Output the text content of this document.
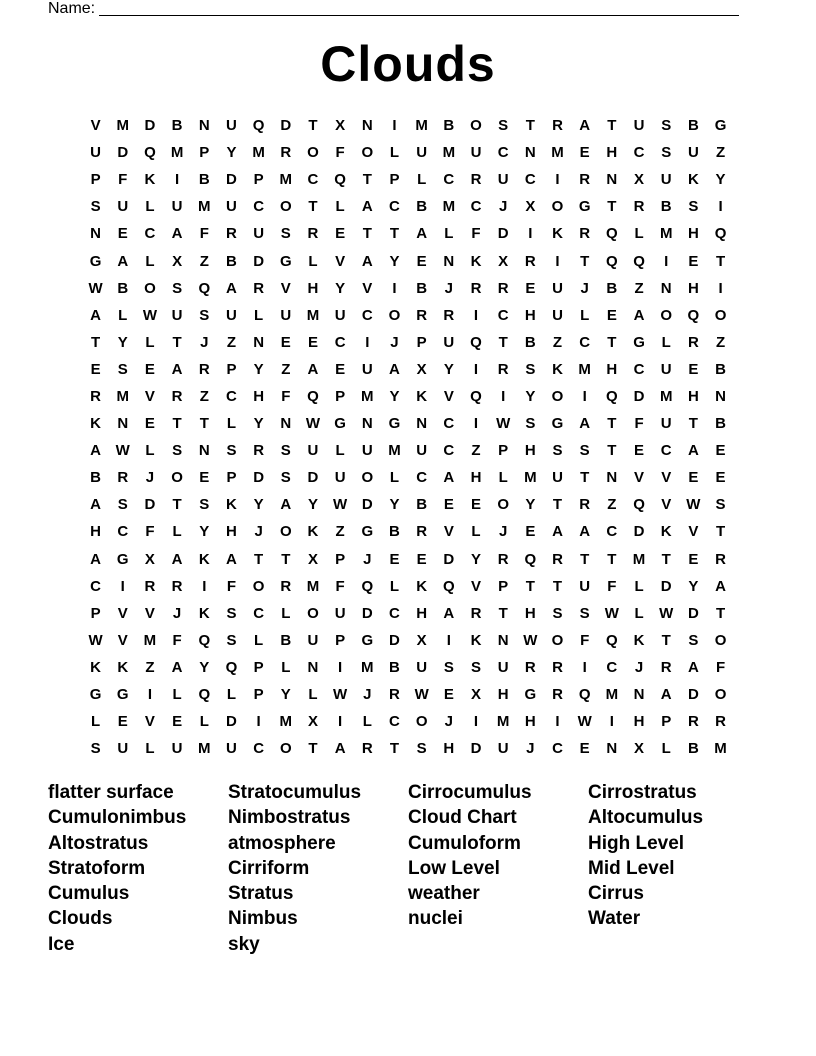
Name:
Clouds
V	M	D	B	N	U	Q	D	T	X	N	I	M	B	O	S	T	R	A	T	U	S	B	G
U	D	Q	M	P	Y	M	R	O	F	O	L	U	M	U	C	N	M	E	H	C	S	U	Z
P	F	K	I	B	D	P	M	C	Q	T	P	L	C	R	U	C	I	R	N	X	U	K	Y
S	U	L	U	M	U	C	O	T	L	A	C	B	M	C	J	X	O	G	T	R	B	S	I
N	E	C	A	F	R	U	S	R	E	T	T	A	L	F	D	I	K	R	Q	L	M	H	Q
G	A	L	X	Z	B	D	G	L	V	A	Y	E	N	K	X	R	I	T	Q	Q	I	E	T
W B	O	S	Q	A	R	V	H	Y	V	I	B	J	R	R	E	U	J	B	Z	N	H	I
A	L	W U	S	U	L	U	M	U	C	O	R	R	I	C	H	U	L	E	A	O	Q	O
T	Y	L	T	J	Z	N	E	E	C	I	J	P	U	Q	T	B	Z	C	T	G	L	R	Z
E	S	E	A	R	P	Y	Z	A	E	U	A	X	Y	I	R	S	K	M	H	C	U	E	B
R	M	V	R	Z	C	H	F	Q	P	M	Y	K	V	Q	I	Y	O	I	Q	D	M	H	N
K	N	E	T	T	L	Y	N W G	N	G	N	C	I	W	S	G	A	T	F	U	T	B
A W	L	S	N	S	R	S	U	L	U	M	U	C	Z	P	H	S	S	T	E	C	A	E
B	R	J	O	E	P	D	S	D	U	O	L	C	A	H	L	M	U	T	N	V	V	E	E
A	S	D	T	S	K	Y	A	Y	W D	Y	B	E	E	O	Y	T	R	Z	Q	V	W	S
H	C	F	L	Y	H	J	O	K	Z	G	B	R	V	L	J	E	A	A	C	D	K	V	T
A	G	X	A	K	A	T	T	X	P	J	E	E	D	Y	R	Q	R	T	T	M	T	E	R
C	I	R	R	I	F	O	R	M	F	Q	L	K	Q	V	P	T	T	U	F	L	D	Y	A
P	V	V	J	K	S	C	L	O	U	D	C	H	A	R	T	H	S	S	W	L	W D	T
W	V	M	F	Q	S	L	B	U	P	G	D	X	I	K	N W O	F	Q	K	T	S	O
K	K	Z	A	Y	Q	P	L	N	I	M	B	U	S	S	U	R	R	I	C	J	R	A	F
G	G	I	L	Q	L	P	Y	L	W	J	R W	E	X	H	G	R	Q	M	N	A	D	O
L	E	V	E	L	D	I	M	X	I	L	C	O	J	I	M	H	I	W	I	H	P	R	R
S	U	L	U	M	U	C	O	T	A	R	T	S	H	D	U	J	C	E	N	X	L	B	M
flatter surface	Stratocumulus	Cirrocumulus	Cirrostratus
Cumulonimbus	Nimbostratus	Cloud Chart	Altocumulus
Altostratus	atmosphere	Cumuloform	High Level
Stratoform	Cirriform	Low Level	Mid Level
Cumulus	Stratus	weather	Cirrus
Clouds	Nimbus	nuclei	Water
Ice	sky
